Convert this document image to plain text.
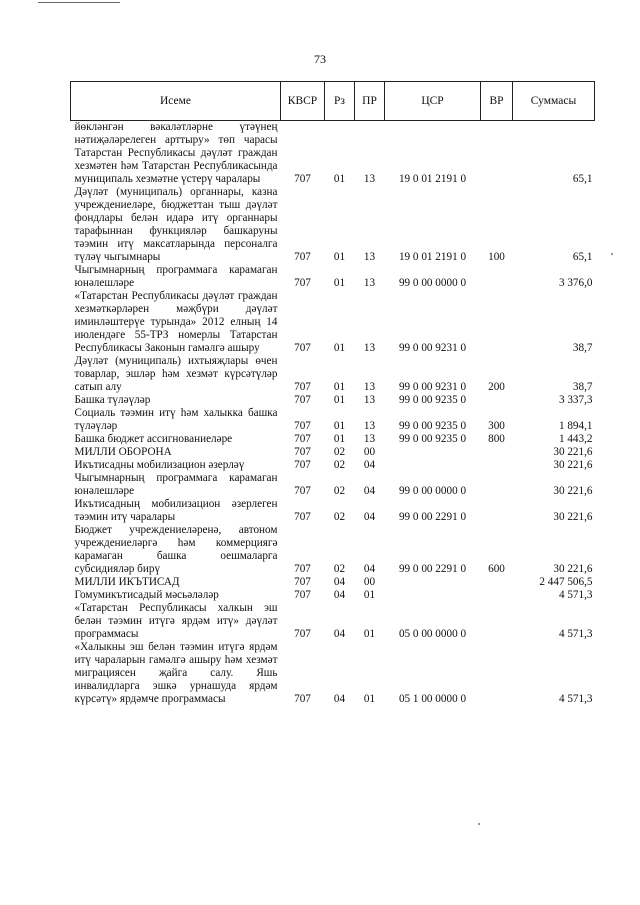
73
Исеме	КВСР	Рз	ПР	ЦСР	ВР	Суммасы
йөкләнгән вәкаләтләрне үтәүнең нәтиҗәләрелеген арттыру» төп чарасы						
Татарстан Республикасы дәүләт граждан хезмәтен һәм Татарстан Республикасында муниципаль хезмәтне үстерү чаралары	707	01	13	19 0 01 2191 0		65,1
Дәүләт (муниципаль) органнары, казна учреждениеләре, бюджеттан тыш дәүләт фондлары белән идарә итү органнары тарафыннан функцияләр башкаруны тәэмин итү максатларында персоналга түләү чыгымнары	707	01	13	19 0 01 2191 0	100	65,1
Чыгымнарның программага карамаган юнәлешләре	707	01	13	99 0 00 0000 0		3 376,0
«Татарстан Республикасы дәүләт граждан хезмәткәрләрен мәҗбүри дәүләт иминләштерүе турында» 2012 елның 14 июлендәге 55-ТРЗ номерлы Татарстан Республикасы Законын гамәлгә ашыру	707	01	13	99 0 00 9231 0		38,7
Дәүләт (муниципаль) ихтыяҗлары өчен товарлар, эшләр һәм хезмәт күрсәтүләр сатып алу	707	01	13	99 0 00 9231 0	200	38,7
Башка түләүләр	707	01	13	99 0 00 9235 0		3 337,3
Социаль тәэмин итү һәм халыкка башка түләүләр	707	01	13	99 0 00 9235 0	300	1 894,1
Башка бюджет ассигнованиеләре	707	01	13	99 0 00 9235 0	800	1 443,2
МИЛЛИ ОБОРОНА	707	02	00			30 221,6
Икътисадны мобилизацион әзерләү	707	02	04			30 221,6
Чыгымнарның программага карамаган юнәлешләре	707	02	04	99 0 00 0000 0		30 221,6
Икътисадның мобилизацион әзерлеген тәэмин итү чаралары	707	02	04	99 0 00 2291 0		30 221,6
Бюджет учреждениеләренә, автоном учреждениеләргә һәм коммерциягә карамаган башка оешмаларга субсидияләр бирү	707	02	04	99 0 00 2291 0	600	30 221,6
МИЛЛИ ИКЪТИСАД	707	04	00			2 447 506,5
Гомумикътисадый мәсьәләләр	707	04	01			4 571,3
«Татарстан Республикасы халкын эш белән тәэмин итүгә ярдәм итү» дәүләт программасы	707	04	01	05 0 00 0000 0		4 571,3
«Халыкны эш белән тәэмин итүгә ярдәм итү чараларын гамәлгә ашыру һәм хезмәт миграциясен җайга салу. Яшь инвалидларга эшкә урнашуда ярдәм күрсәтү» ярдәмче программасы	707	04	01	05 1 00 0000 0		4 571,3
